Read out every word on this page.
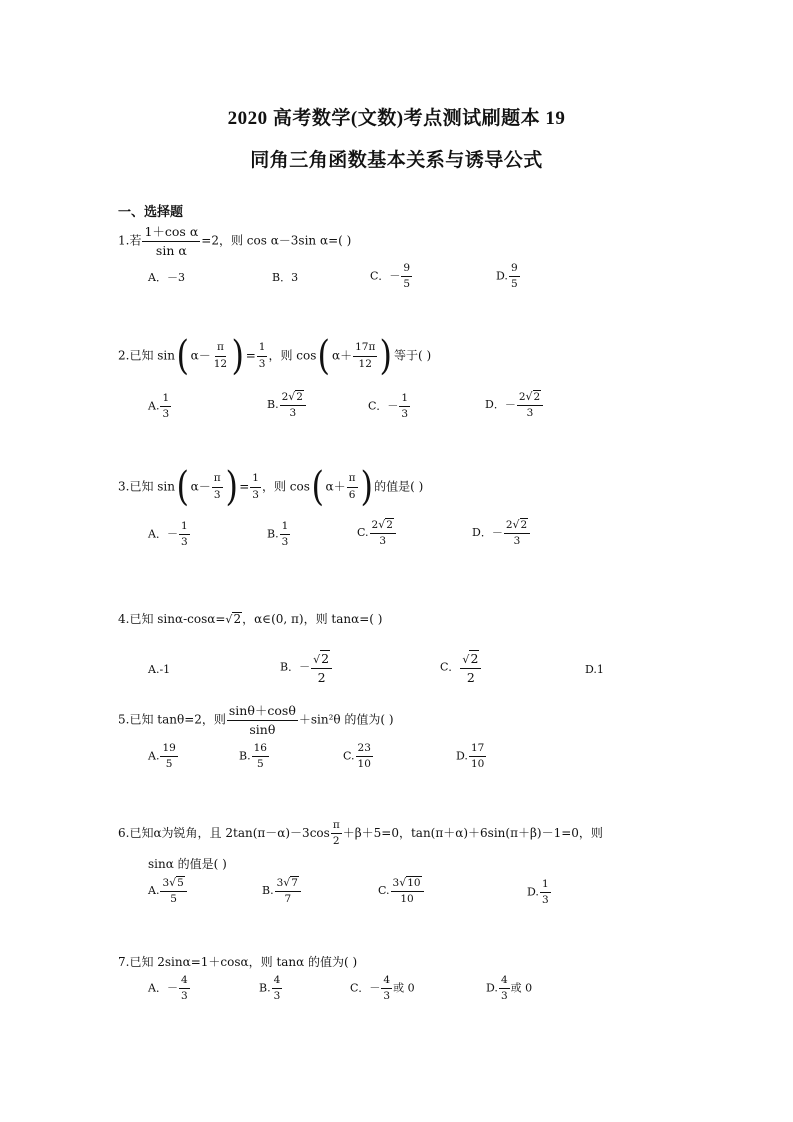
2020 高考数学(文数)考点测试刷题本 19
同角三角函数基本关系与诱导公式
一、选择题
1.若 $\frac{\text{1＋cos α}}{\text{sin α}} =2$，则 cos α－3sin α=( )
A．－3	B．3	C．－ $\frac{9}{5}$	D. $\frac{9}{5}$
2.已知 sin( $\alpha- \frac{\pi}{12}$ ) = $\frac{1}{3}$ ，则 cos( $\alpha+ \frac{17\pi}{12}$ ) 等于( )
A. $\frac{1}{3}$	B. $\frac{2√2}{3}$	C．－ $\frac{1}{3}$	D．－ $\frac{2√2}{3}$
3.已知 sin( $\alpha- \frac{\pi}{3}$ ) = $\frac{1}{3}$ ，则 cos( $\alpha+ \frac{\pi}{6}$ ) 的值是( )
A．－ $\frac{1}{3}$	B. $\frac{1}{3}$	C. $\frac{2√2}{3}$	D．－ $\frac{2√2}{3}$
4.已知 sinα-cosα=√2，α∈(0, π)，则 tanα=( )
A.-1	B．－ $\frac{√2}{2}$	C． $\frac{√2}{2}$	D.1
5.已知 tanθ=2，则 $\frac{\sin\theta+\cos\theta}{\sin\theta} +\sin^2\theta$ 的值为( )
A. $\frac{19}{5}$	B. $\frac{16}{5}$	C. $\frac{23}{10}$	D. $\frac{17}{10}$
6.已知α为锐角，且 $2\tan(\pi-\alpha)-3\cos \frac{\pi}{2} +\beta+5=0$，tan(π＋α)＋6sin(π＋β)－1=0，则
sinα 的值是( )
A. $\frac{3√5}{5}$	B. $\frac{3√7}{7}$	C. $\frac{3√10}{10}$	D. $\frac{1}{3}$
7.已知 2sinα=1＋cosα，则 tanα 的值为( )
A．－ $\frac{4}{3}$	B. $\frac{4}{3}$	C．－ $\frac{4}{3}$ 或 0	D. $\frac{4}{3}$ 或 0
